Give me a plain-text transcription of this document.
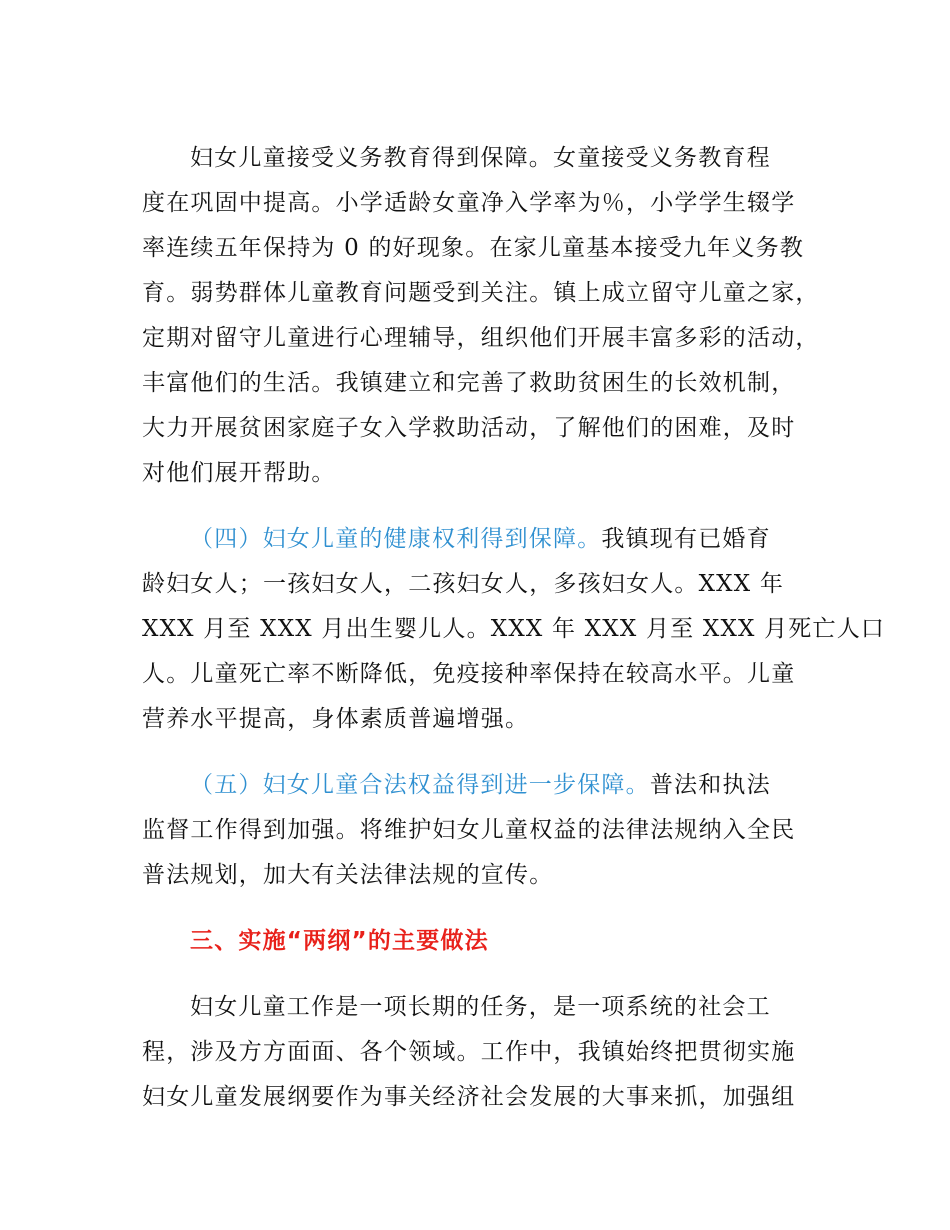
妇女儿童接受义务教育得到保障。女童接受义务教育程
度在巩固中提高。小学适龄女童净入学率为％，小学学生辍学
率连续五年保持为 0 的好现象。在家儿童基本接受九年义务教
育。弱势群体儿童教育问题受到关注。镇上成立留守儿童之家，
定期对留守儿童进行心理辅导，组织他们开展丰富多彩的活动，
丰富他们的生活。我镇建立和完善了救助贫困生的长效机制，
大力开展贫困家庭子女入学救助活动，了解他们的困难，及时
对他们展开帮助。
（四）妇女儿童的健康权利得到保障。我镇现有已婚育
龄妇女人；一孩妇女人，二孩妇女人，多孩妇女人。XXX 年
XXX 月至 XXX 月出生婴儿人。XXX 年 XXX 月至 XXX 月死亡人口
人。儿童死亡率不断降低，免疫接种率保持在较高水平。儿童
营养水平提高，身体素质普遍增强。
（五）妇女儿童合法权益得到进一步保障。普法和执法
监督工作得到加强。将维护妇女儿童权益的法律法规纳入全民
普法规划，加大有关法律法规的宣传。
三、实施“两纲”的主要做法
妇女儿童工作是一项长期的任务，是一项系统的社会工
程，涉及方方面面、各个领域。工作中，我镇始终把贯彻实施
妇女儿童发展纲要作为事关经济社会发展的大事来抓，加强组
